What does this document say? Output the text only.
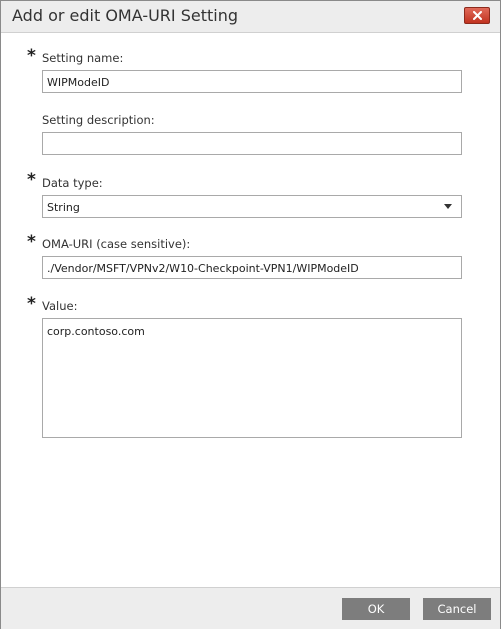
Add or edit OMA-URI Setting
* Setting name:
WIPModeID
Setting description:
* Data type:
String
* OMA-URI (case sensitive):
./Vendor/MSFT/VPNv2/W10-Checkpoint-VPN1/WIPModeID
* Value:
corp.contoso.com
OK	Cancel
